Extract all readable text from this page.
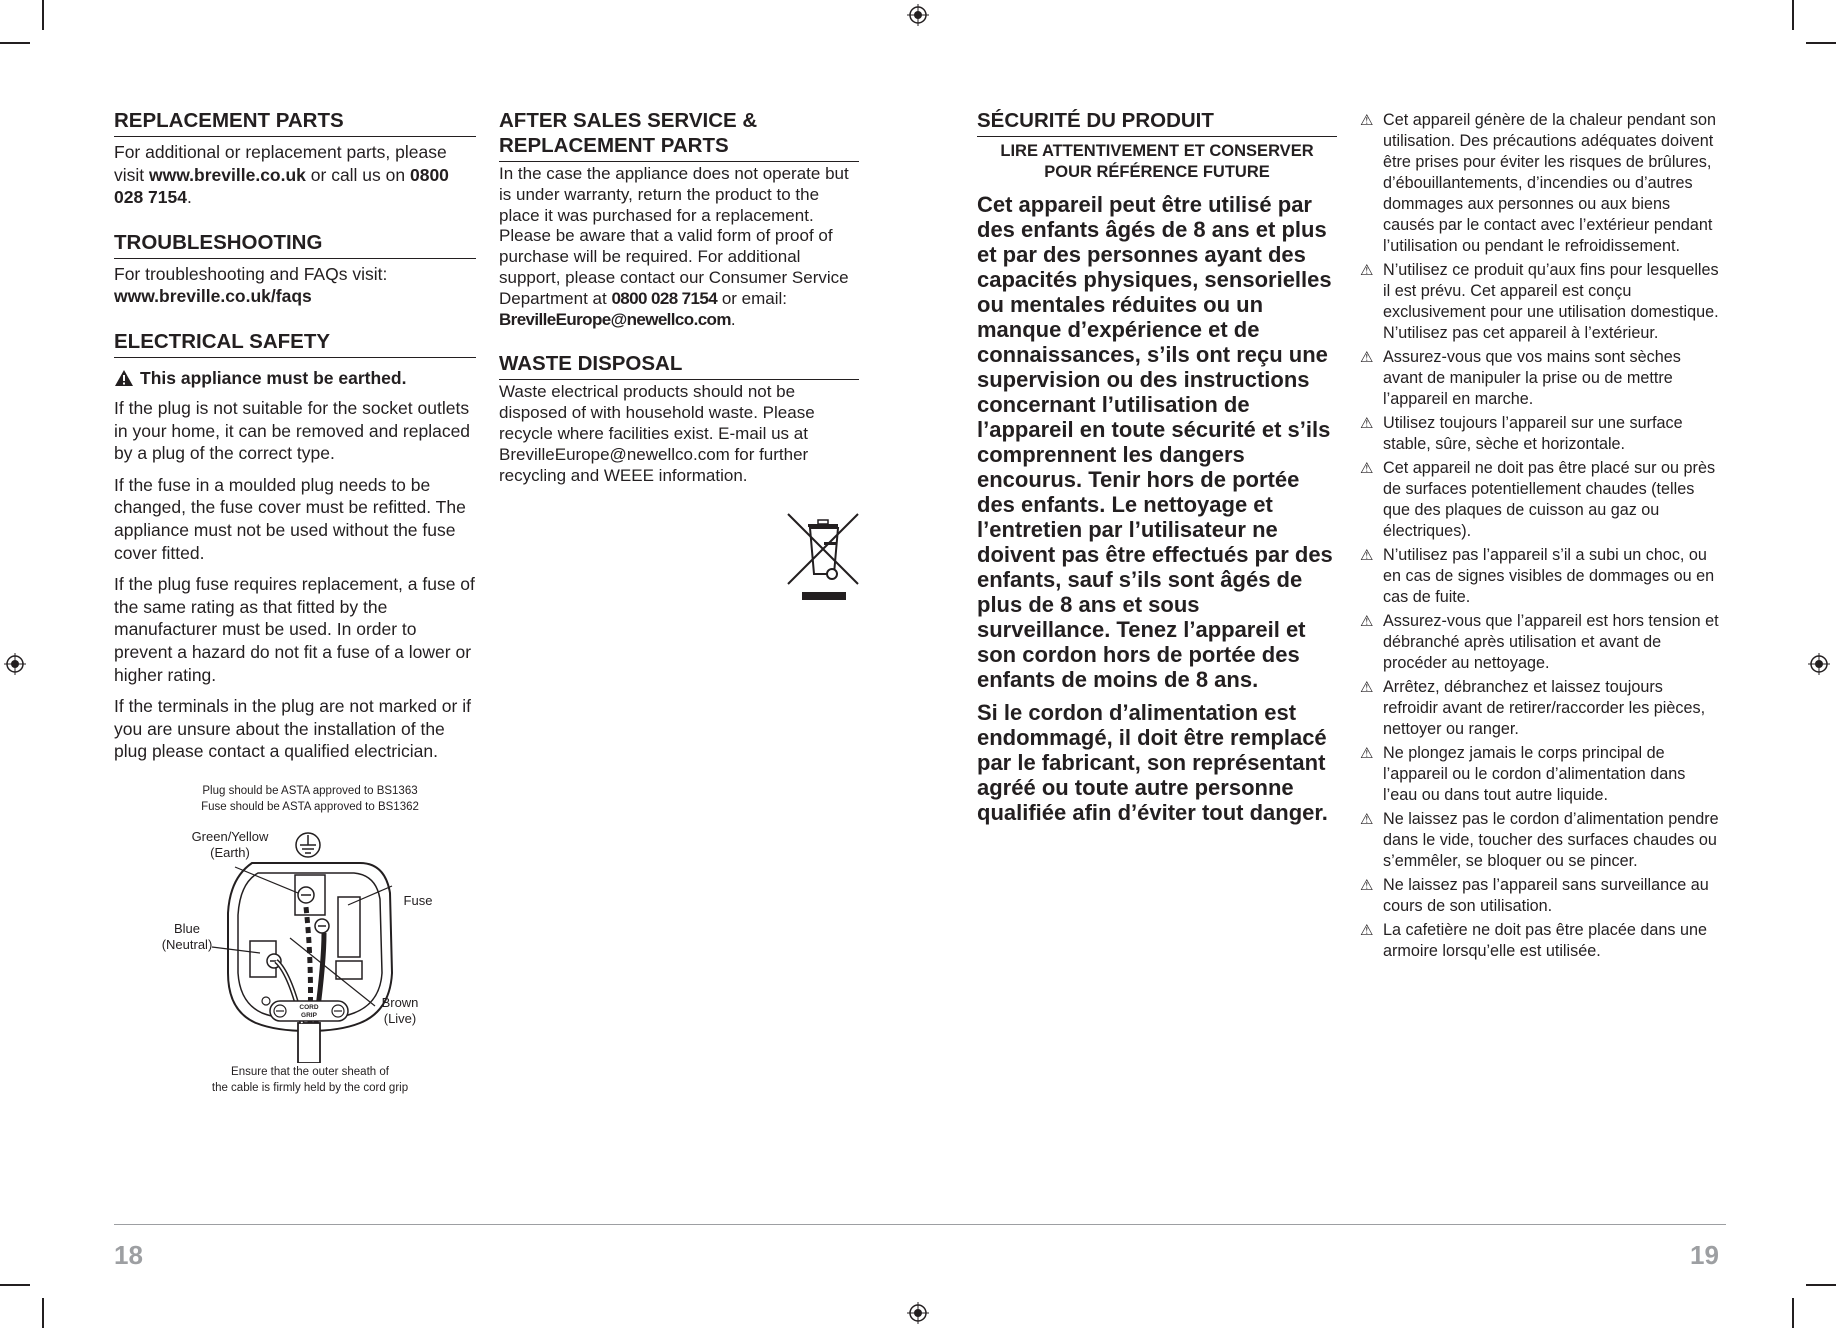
REPLACEMENT PARTS

For additional or replacement parts, please visit www.breville.co.uk or call us on 0800 028 7154.

TROUBLESHOOTING

For troubleshooting and FAQs visit:

www.breville.co.uk/faqs

ELECTRICAL SAFETY
This appliance must be earthed.

If the plug is not suitable for the socket outlets in your home, it can be removed and replaced by a plug of the correct type.

If the fuse in a moulded plug needs to be changed, the fuse cover must be refitted. The appliance must not be used without the fuse cover fitted.

If the plug fuse requires replacement, a fuse of the same rating as that fitted by the manufacturer must be used. In order to prevent a hazard do not fit a fuse of a lower or higher rating.

If the terminals in the plug are not marked or if you are unsure about the installation of the plug please contact a qualified electrician.

Plug should be ASTA approved to BS1363
Fuse should be ASTA approved to BS1362
CORD
GRIP
Green/Yellow
(Earth)
Fuse
Blue
(Neutral)
Brown
(Live)
Ensure that the outer sheath of
the cable is firmly held by the cord grip
AFTER SALES SERVICE & REPLACEMENT PARTS

In the case the appliance does not operate but is under warranty, return the product to the place it was purchased for a replacement. Please be aware that a valid form of proof of purchase will be required. For additional support, please contact our Consumer Service Department at 0800 028 7154 or email: BrevilleEurope@newellco.com.

WASTE DISPOSAL

Waste electrical products should not be disposed of with household waste. Please recycle where facilities exist. E-mail us at BrevilleEurope@newellco.com for further recycling and WEEE information.

SÉCURITÉ DU PRODUIT

LIRE ATTENTIVEMENT ET CONSERVER POUR RÉFÉRENCE FUTURE

Cet appareil peut être utilisé par des enfants âgés de 8 ans et plus et par des personnes ayant des capacités physiques, sensorielles ou mentales réduites ou un manque d’expérience et de connaissances, s’ils ont reçu une supervision ou des instructions concernant l’utilisation de l’appareil en toute sécurité et s’ils comprennent les dangers encourus. Tenir hors de portée des enfants. Le nettoyage et l’entretien par l’utilisateur ne doivent pas être effectués par des enfants, sauf s’ils sont âgés de plus de 8 ans et sous surveillance. Tenez l’appareil et son cordon hors de portée des enfants de moins de 8 ans.

Si le cordon d’alimentation est endommagé, il doit être remplacé par le fabricant, son représentant agréé ou toute autre personne qualifiée afin d’éviter tout danger.

⚠ Cet appareil génère de la chaleur pendant son utilisation. Des précautions adéquates doivent être prises pour éviter les risques de brûlures, d’ébouillantements, d’incendies ou d’autres dommages aux personnes ou aux biens causés par le contact avec l’extérieur pendant l’utilisation ou pendant le refroidissement.
⚠ N’utilisez ce produit qu’aux fins pour lesquelles il est prévu. Cet appareil est conçu exclusivement pour une utilisation domestique. N’utilisez pas cet appareil à l’extérieur.
⚠ Assurez-vous que vos mains sont sèches avant de manipuler la prise ou de mettre l’appareil en marche.
⚠ Utilisez toujours l’appareil sur une surface stable, sûre, sèche et horizontale.
⚠ Cet appareil ne doit pas être placé sur ou près de surfaces potentiellement chaudes (telles que des plaques de cuisson au gaz ou électriques).
⚠ N’utilisez pas l’appareil s’il a subi un choc, ou en cas de signes visibles de dommages ou en cas de fuite.
⚠ Assurez-vous que l’appareil est hors tension et débranché après utilisation et avant de procéder au nettoyage.
⚠ Arrêtez, débranchez et laissez toujours refroidir avant de retirer/raccorder les pièces, nettoyer ou ranger.
⚠ Ne plongez jamais le corps principal de l’appareil ou le cordon d’alimentation dans l’eau ou dans tout autre liquide.
⚠ Ne laissez pas le cordon d’alimentation pendre dans le vide, toucher des surfaces chaudes ou s’emmêler, se bloquer ou se pincer.
⚠ Ne laissez pas l’appareil sans surveillance au cours de son utilisation.
⚠ La cafetière ne doit pas être placée dans une armoire lorsqu’elle est utilisée.
18	19
